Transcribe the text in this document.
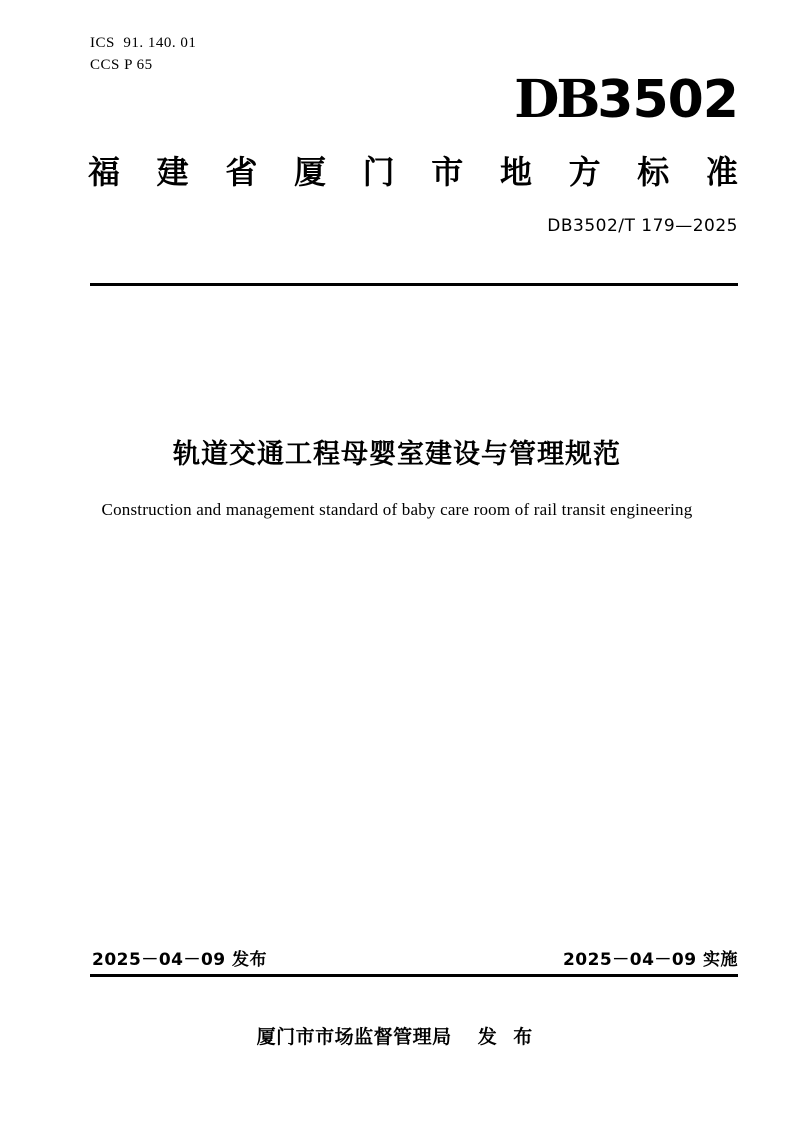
ICS  91. 140. 01
CCS P 65
DB3502
福 建 省 厦 门 市 地 方 标 准
DB3502/T 179—2025
轨道交通工程母婴室建设与管理规范
Construction and management standard of baby care room of rail transit engineering
2025－04－09 发布	2025－04－09 实施
厦门市市场监督管理局 发 布
